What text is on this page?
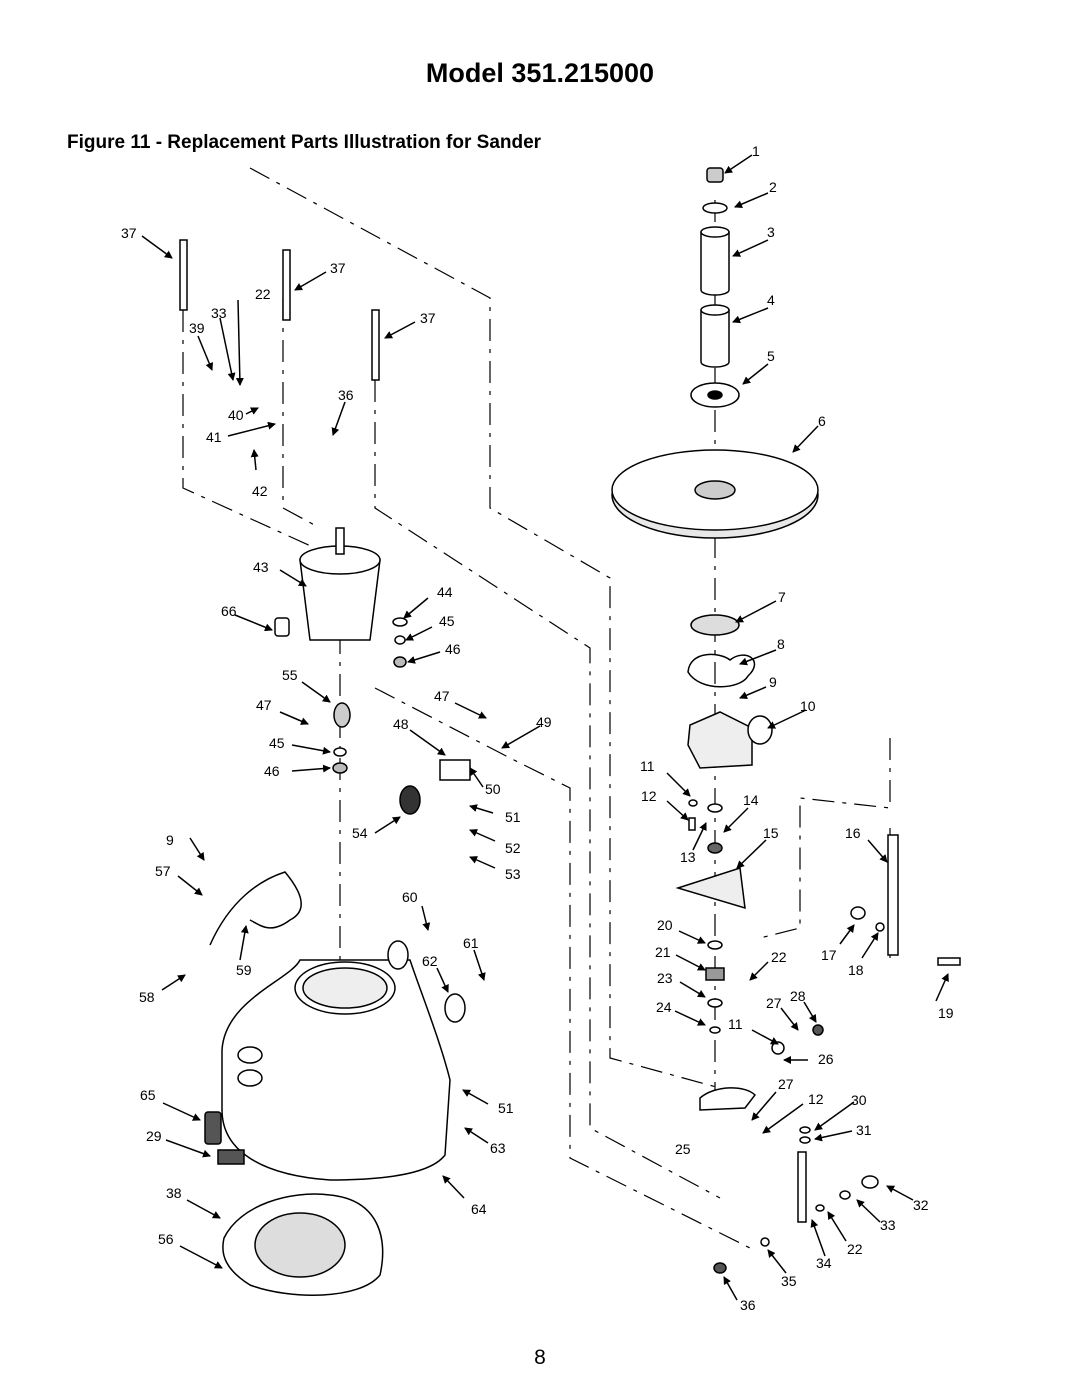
Model 351.215000
Figure 11 - Replacement Parts Illustration for Sander	1
2
3
4
5
6
37
37
37
22
33
39
36
40
41
42
43
44
45
46
66
55
47
47
48	49
45
46
50
7
8
9
10
11
12	14
13
15	16
54
51
52
53
9
57
60
61
62
20
21	22
23
24	27 28
11
26
17
18
19
58
59
65
51
27
12 30
29
63	25
31
38
64	32
33
56
34
22
35
36
8
